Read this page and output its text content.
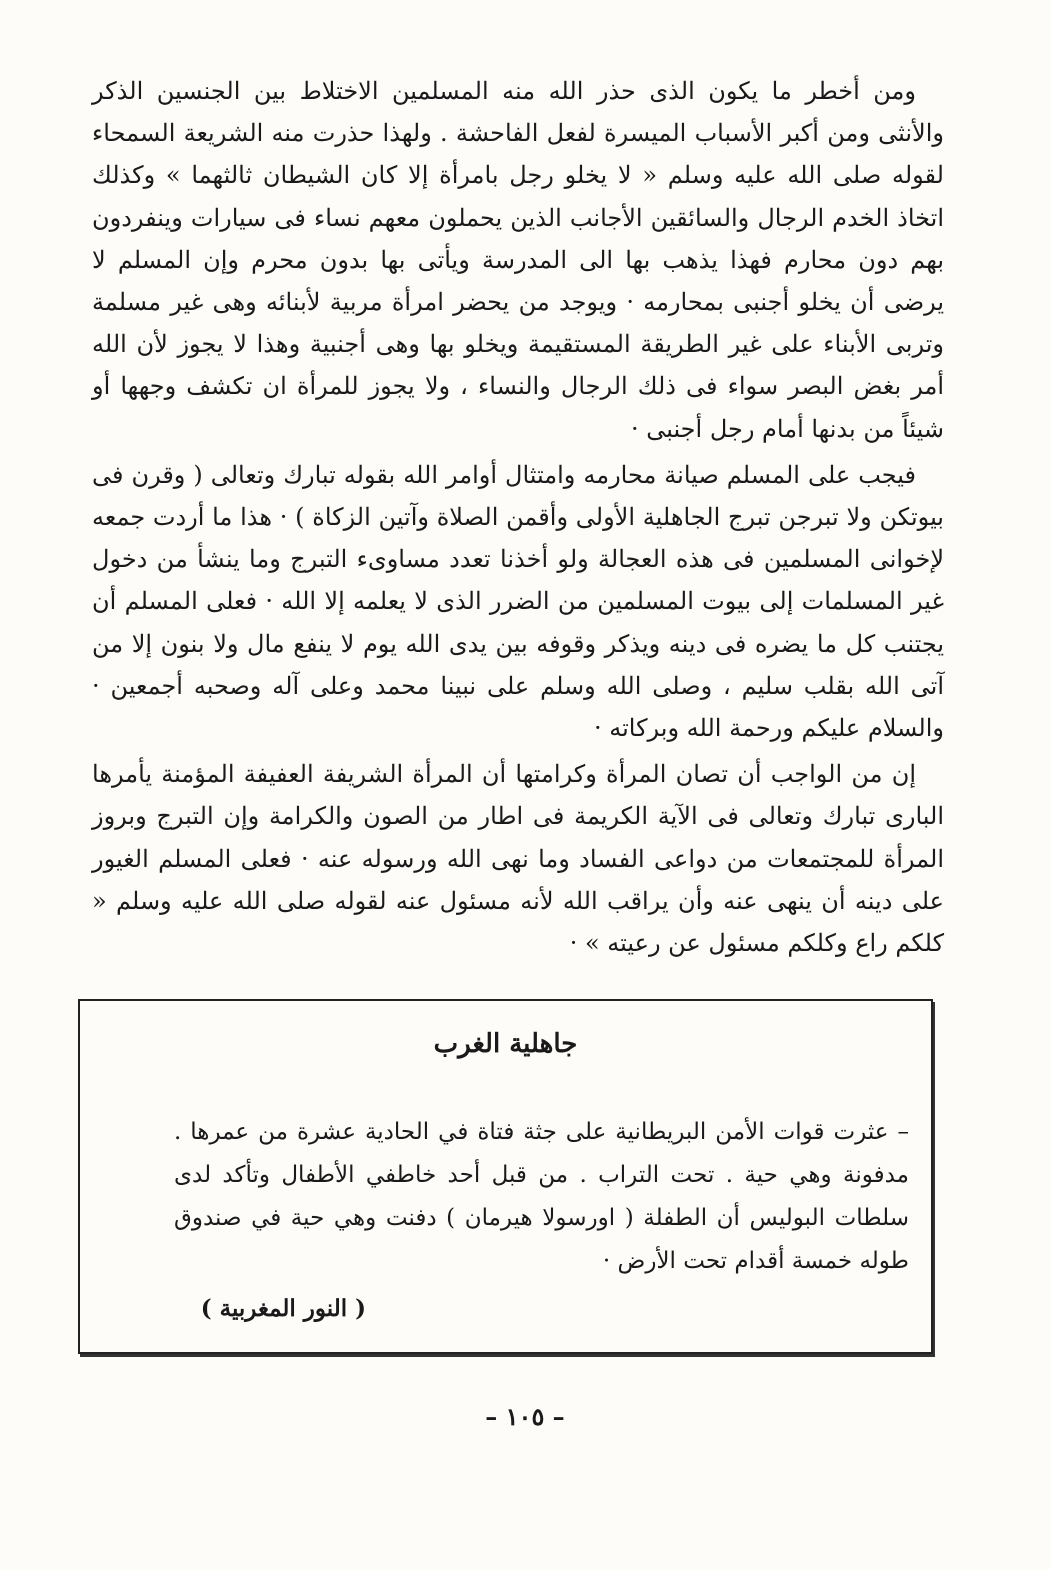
ومن أخطر ما يكون الذى حذر الله منه المسلمين الاختلاط بين الجنسين الذكر والأنثى ومن أكبر الأسباب الميسرة لفعل الفاحشة . ولهذا حذرت منه الشريعة السمحاء لقوله صلى الله عليه وسلم « لا يخلو رجل بامرأة إلا كان الشيطان ثالثهما » وكذلك اتخاذ الخدم الرجال والسائقين الأجانب الذين يحملون معهم نساء فى سيارات وينفردون بهم دون محارم فهذا يذهب بها الى المدرسة ويأتى بها بدون محرم وإن المسلم لا يرضى أن يخلو أجنبى بمحارمه · ويوجد من يحضر امرأة مربية لأبنائه وهى غير مسلمة وتربى الأبناء على غير الطريقة المستقيمة ويخلو بها وهى أجنبية وهذا لا يجوز لأن الله أمر بغض البصر سواء فى ذلك الرجال والنساء ، ولا يجوز للمرأة ان تكشف وجهها أو شيئاً من بدنها أمام رجل أجنبى ·

فيجب على المسلم صيانة محارمه وامتثال أوامر الله بقوله تبارك وتعالى ( وقرن فى بيوتكن ولا تبرجن تبرج الجاهلية الأولى وأقمن الصلاة وآتين الزكاة ) · هذا ما أردت جمعه لإخوانى المسلمين فى هذه العجالة ولو أخذنا تعدد مساوىء التبرج وما ينشأ من دخول غير المسلمات إلى بيوت المسلمين من الضرر الذى لا يعلمه إلا الله · فعلى المسلم أن يجتنب كل ما يضره فى دينه ويذكر وقوفه بين يدى الله يوم لا ينفع مال ولا بنون إلا من آتى الله بقلب سليم ، وصلى الله وسلم على نبينا محمد وعلى آله وصحبه أجمعين · والسلام عليكم ورحمة الله وبركاته ·

إن من الواجب أن تصان المرأة وكرامتها أن المرأة الشريفة العفيفة المؤمنة يأمرها البارى تبارك وتعالى فى الآية الكريمة فى اطار من الصون والكرامة وإن التبرج وبروز المرأة للمجتمعات من دواعى الفساد وما نهى الله ورسوله عنه · فعلى المسلم الغيور على دينه أن ينهى عنه وأن يراقب الله لأنه مسئول عنه لقوله صلى الله عليه وسلم « كلكم راع وكلكم مسئول عن رعيته » ·

جاهلية الغرب

– عثرت قوات الأمن البريطانية على جثة فتاة في الحادية عشرة من عمرها . مدفونة وهي حية . تحت التراب . من قبل أحد خاطفي الأطفال وتأكد لدى سلطات البوليس أن الطفلة ( اورسولا هيرمان ) دفنت وهي حية في صندوق طوله خمسة أقدام تحت الأرض ·

( النور المغربية )
– ١٠٥ –
